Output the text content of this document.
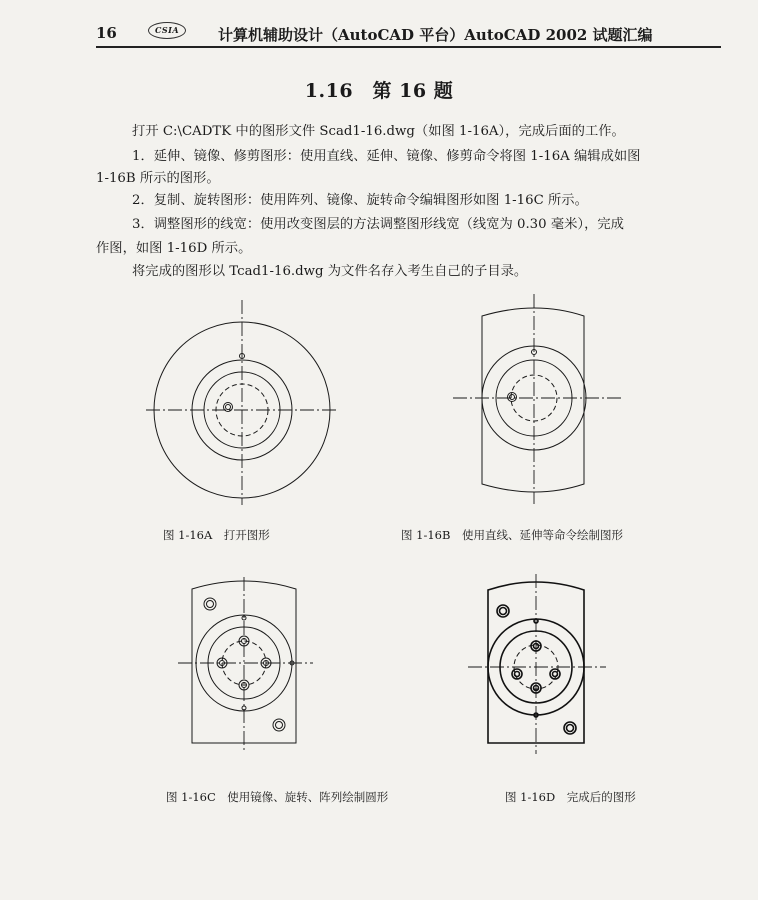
16	CSIA	计算机辅助设计（AutoCAD 平台）AutoCAD 2002 试题汇编
1.16　第 16 题
打开 C:\CADTK 中的图形文件 Scad1-16.dwg（如图 1-16A），完成后面的工作。
1．延伸、镜像、修剪图形：使用直线、延伸、镜像、修剪命令将图 1-16A 编辑成如图
1-16B 所示的图形。
2．复制、旋转图形：使用阵列、镜像、旋转命令编辑图形如图 1-16C 所示。
3．调整图形的线宽：使用改变图层的方法调整图形线宽（线宽为 0.30 毫米），完成
作图，如图 1-16D 所示。
将完成的图形以 Tcad1-16.dwg 为文件名存入考生自己的子目录。
图 1-16A　打开图形	图 1-16B　使用直线、延伸等命令绘制图形
图 1-16C　使用镜像、旋转、阵列绘制圆形	图 1-16D　完成后的图形
